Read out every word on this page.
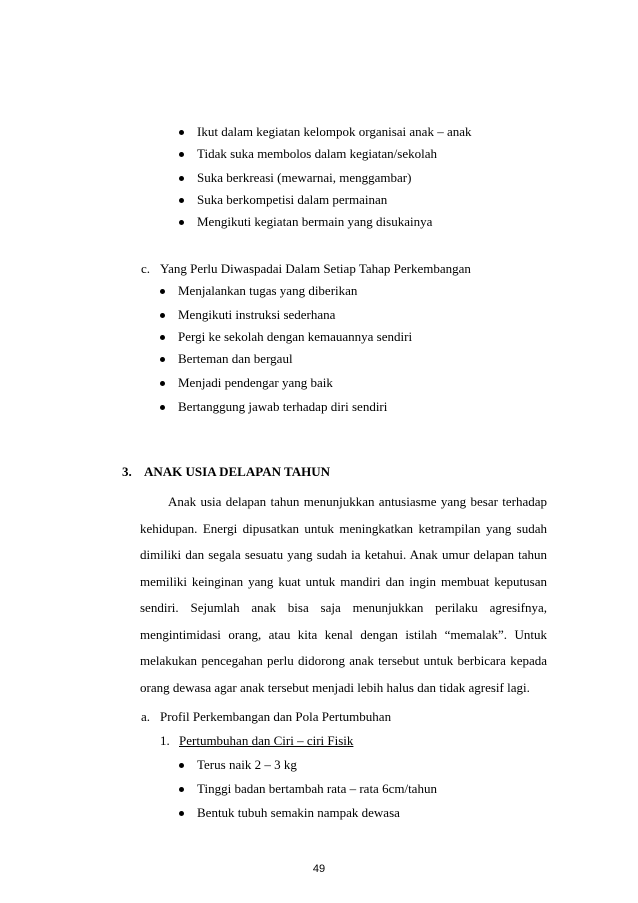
Ikut dalam kegiatan kelompok organisai anak – anak
Tidak suka membolos dalam kegiatan/sekolah
Suka berkreasi (mewarnai, menggambar)
Suka berkompetisi dalam permainan
Mengikuti kegiatan bermain yang disukainya
c. Yang Perlu Diwaspadai Dalam Setiap Tahap Perkembangan
Menjalankan tugas yang diberikan
Mengikuti instruksi sederhana
Pergi ke sekolah dengan kemauannya sendiri
Berteman dan bergaul
Menjadi pendengar yang baik
Bertanggung jawab terhadap diri sendiri
3. ANAK USIA DELAPAN TAHUN
Anak usia delapan tahun menunjukkan antusiasme yang besar terhadap
kehidupan. Energi dipusatkan untuk meningkatkan ketrampilan yang sudah
dimiliki dan segala sesuatu yang sudah ia ketahui. Anak umur delapan tahun
memiliki keinginan yang kuat untuk mandiri dan ingin membuat keputusan
sendiri. Sejumlah anak bisa saja menunjukkan perilaku agresifnya,
mengintimidasi orang, atau kita kenal dengan istilah “memalak”. Untuk
melakukan pencegahan perlu didorong anak tersebut untuk berbicara kepada
orang dewasa agar anak tersebut menjadi lebih halus dan tidak agresif lagi.
a. Profil Perkembangan dan Pola Pertumbuhan
1. Pertumbuhan dan Ciri – ciri Fisik
Terus naik 2 – 3 kg
Tinggi badan bertambah rata – rata 6cm/tahun
Bentuk tubuh semakin nampak dewasa
49
